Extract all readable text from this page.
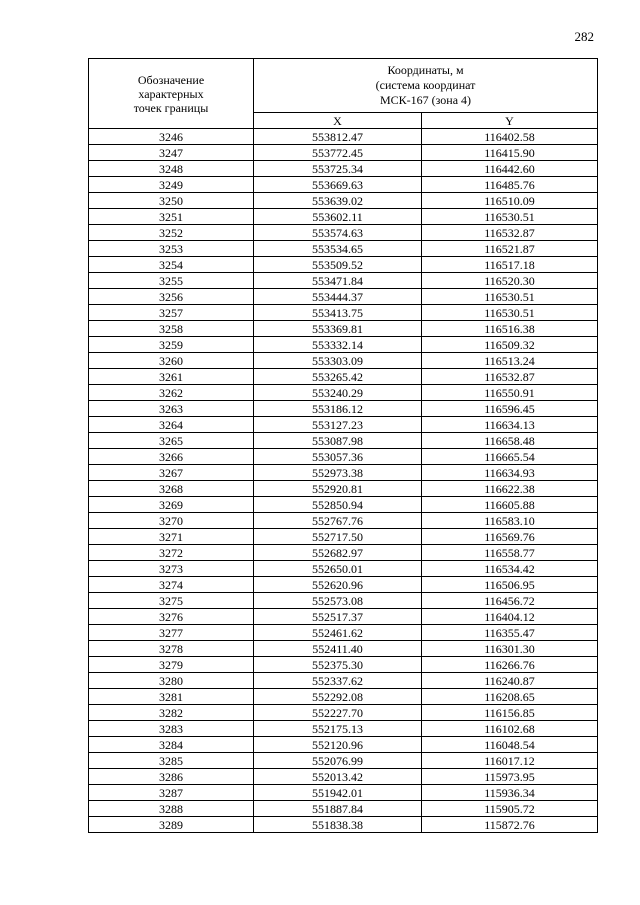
282
Обозначение
характерных
точек границы	Координаты, м
(система координат
МСК-167 (зона 4)	

	X	Y
3246	553812.47	116402.58
3247	553772.45	116415.90
3248	553725.34	116442.60
3249	553669.63	116485.76
3250	553639.02	116510.09
3251	553602.11	116530.51
3252	553574.63	116532.87
3253	553534.65	116521.87
3254	553509.52	116517.18
3255	553471.84	116520.30
3256	553444.37	116530.51
3257	553413.75	116530.51
3258	553369.81	116516.38
3259	553332.14	116509.32
3260	553303.09	116513.24
3261	553265.42	116532.87
3262	553240.29	116550.91
3263	553186.12	116596.45
3264	553127.23	116634.13
3265	553087.98	116658.48
3266	553057.36	116665.54
3267	552973.38	116634.93
3268	552920.81	116622.38
3269	552850.94	116605.88
3270	552767.76	116583.10
3271	552717.50	116569.76
3272	552682.97	116558.77
3273	552650.01	116534.42
3274	552620.96	116506.95
3275	552573.08	116456.72
3276	552517.37	116404.12
3277	552461.62	116355.47
3278	552411.40	116301.30
3279	552375.30	116266.76
3280	552337.62	116240.87
3281	552292.08	116208.65
3282	552227.70	116156.85
3283	552175.13	116102.68
3284	552120.96	116048.54
3285	552076.99	116017.12
3286	552013.42	115973.95
3287	551942.01	115936.34
3288	551887.84	115905.72
3289	551838.38	115872.76
